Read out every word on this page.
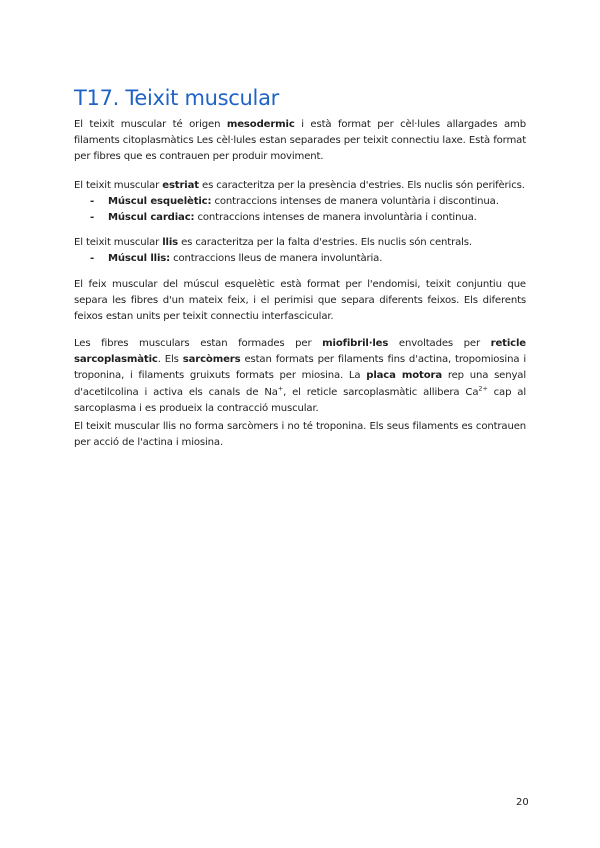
T17. Teixit muscular

El teixit muscular té origen mesodermic i està format per cèl·lules allargades amb filaments citoplasmàtics Les cèl·lules estan separades per teixit connectiu laxe. Està format per fibres que es contrauen per produir moviment.

El teixit muscular estriat es caracteritza per la presència d'estries. Els nuclis són perifèrics.

- Múscul esquelètic: contraccions intenses de manera voluntària i discontinua.
- Múscul cardiac: contraccions intenses de manera involuntària i continua.

El teixit muscular llis es caracteritza per la falta d'estries. Els nuclis són centrals.

- Múscul llis: contraccions lleus de manera involuntària.

El feix muscular del múscul esquelètic està format per l'endomisi, teixit conjuntiu que separa les fibres d'un mateix feix, i el perimisi que separa diferents feixos. Els diferents feixos estan units per teixit connectiu interfascicular.

Les fibres musculars estan formades per miofibril·les envoltades per reticle sarcoplasmàtic. Els sarcòmers estan formats per filaments fins d'actina, tropomiosina i troponina, i filaments gruixuts formats per miosina. La placa motora rep una senyal d'acetilcolina i activa els canals de Na+, el reticle sarcoplasmàtic allibera $Ca^{2+}$ cap al sarcoplasma i es produeix la contracció muscular.

El teixit muscular llis no forma sarcòmers i no té troponina. Els seus filaments es contrauen per acció de l'actina i miosina.

20
